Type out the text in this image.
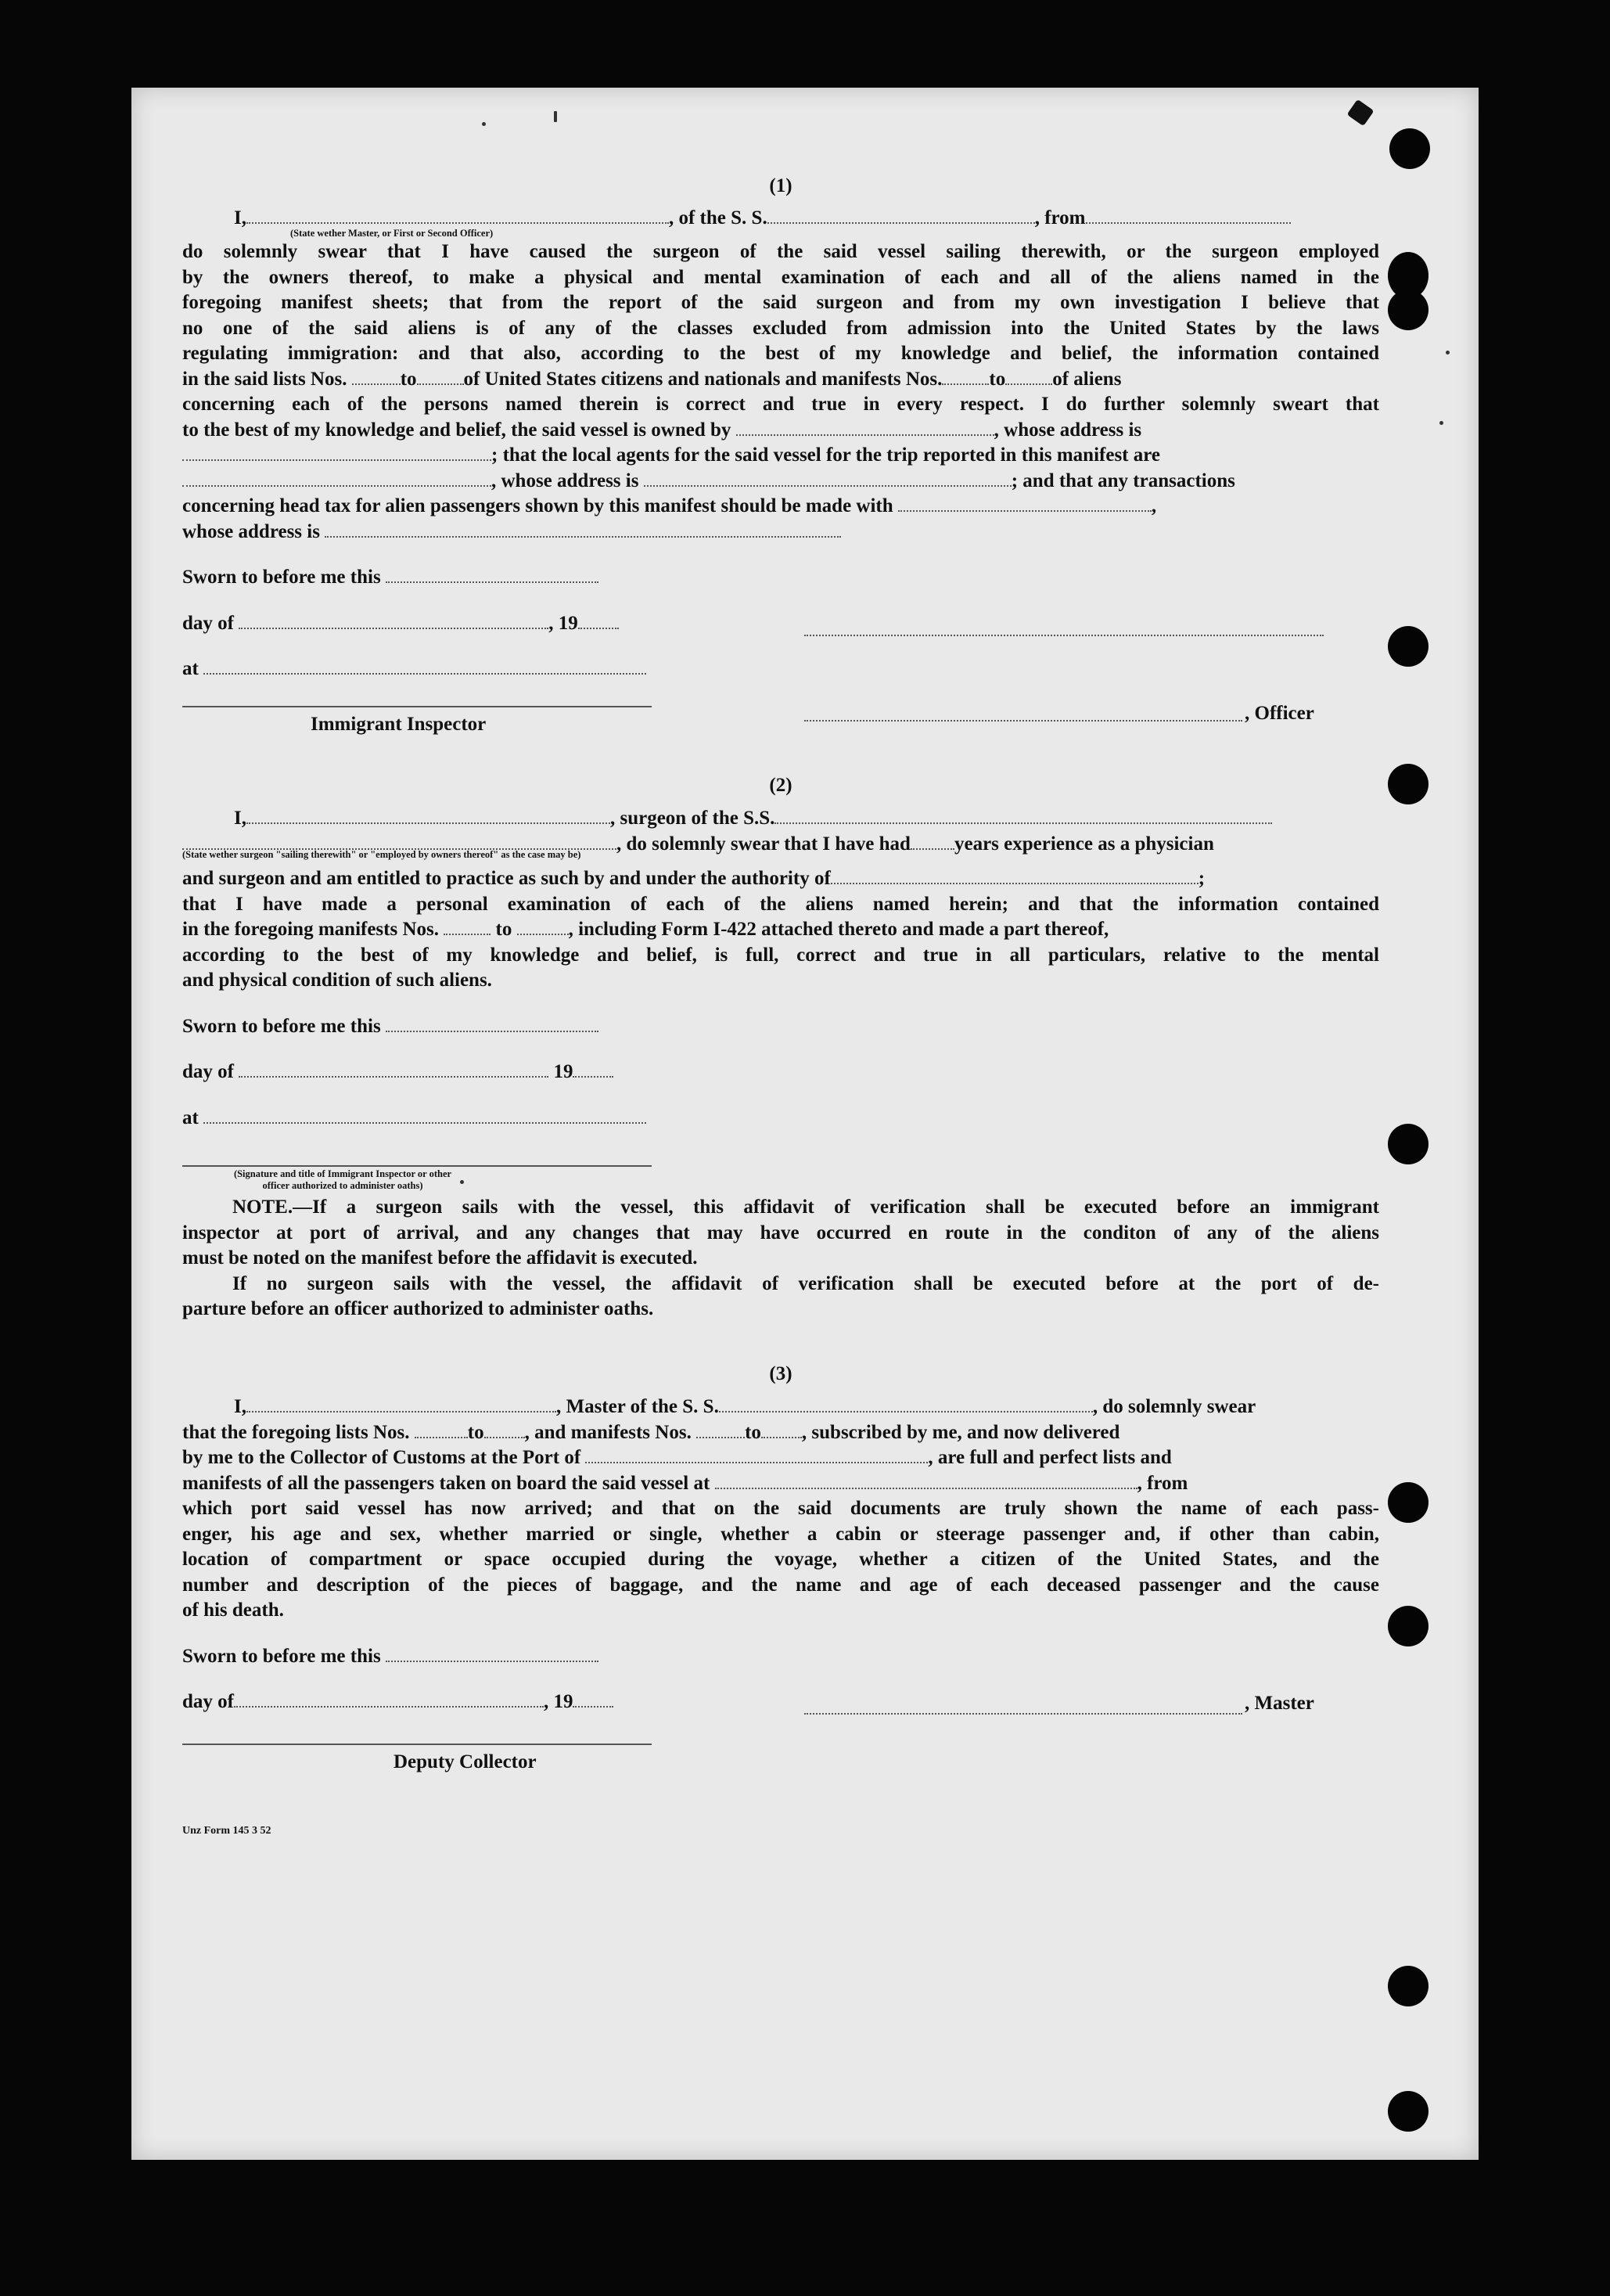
(1)
I,	, of the S. S.	, from
(State wether Master, or First or Second Officer)
do solemnly swear that I have caused the surgeon of the said vessel sailing therewith, or the surgeon employed
by the owners thereof, to make a physical and mental examination of each and all of the aliens named in the
foregoing manifest sheets; that from the report of the said surgeon and from my own investigation I believe that
no one of the said aliens is of any of the classes excluded from admission into the United States by the laws
regulating immigration: and that also, according to the best of my knowledge and belief, the information contained
in the said lists Nos.	to of United States citizens and nationals and manifests Nos. to of aliens
concerning each of the persons named therein is correct and true in every respect. I do further solemnly sweart that
to the best of my knowledge and belief, the said vessel is owned by	, whose address is
; that the local agents for the said vessel for the trip reported in this manifest are
, whose address is	; and that any transactions
concerning head tax for alien passengers shown by this manifest should be made with	,
whose address is
Sworn to before me this
day of	, 19
at
Immigrant Inspector
, Officer
(2)
I,	, surgeon of the S.S.
, do solemnly swear that I have had years experience as a physician
(State wether surgeon "sailing therewith" or "employed by owners thereof" as the case may be)
and surgeon and am entitled to practice as such by and under the authority of	;
that I have made a personal examination of each of the aliens named herein; and that the information contained
in the foregoing manifests Nos.	to	, including Form I-422 attached thereto and made a part thereof,
according to the best of my knowledge and belief, is full, correct and true in all particulars, relative to the mental
and physical condition of such aliens.
Sworn to before me this
day of	19
at
(Signature and title of Immigrant Inspector or other
officer authorized to administer oaths)
NOTE.—If a surgeon sails with the vessel, this affidavit of verification shall be executed before an immigrant
inspector at port of arrival, and any changes that may have occurred en route in the conditon of any of the aliens
must be noted on the manifest before the affidavit is executed.
If no surgeon sails with the vessel, the affidavit of verification shall be executed before at the port of de-
parture before an officer authorized to administer oaths.
(3)
I,	, Master of the S. S.	, do solemnly swear
that the foregoing lists Nos.	to , and manifests Nos.	to , subscribed by me, and now delivered
by me to the Collector of Customs at the Port of	, are full and perfect lists and
manifests of all the passengers taken on board the said vessel at	, from
which port said vessel has now arrived; and that on the said documents are truly shown the name of each pass-
enger, his age and sex, whether married or single, whether a cabin or steerage passenger and, if other than cabin,
location of compartment or space occupied during the voyage, whether a citizen of the United States, and the
number and description of the pieces of baggage, and the name and age of each deceased passenger and the cause
of his death.
Sworn to before me this
day of	, 19	, Master
Deputy Collector
Unz Form 145 3 52
